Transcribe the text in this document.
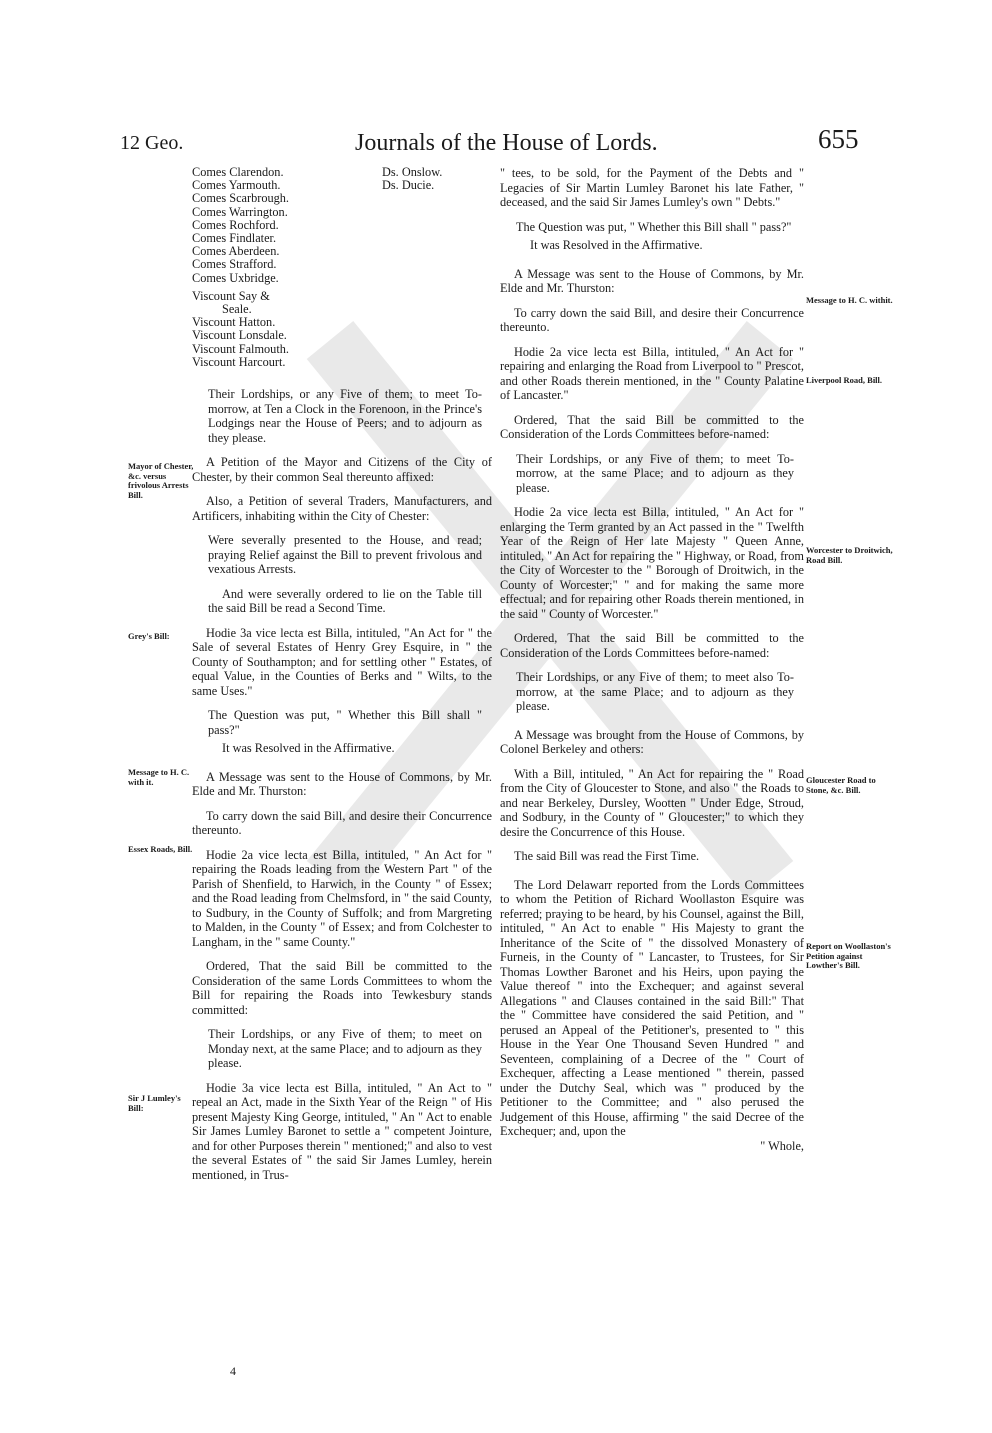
12 Geo.	Journals of the House of Lords.	655
Comes Clarendon.
Comes Yarmouth.
Comes Scarbrough.
Comes Warrington.
Comes Rochford.
Comes Findlater.
Comes Aberdeen.
Comes Strafford.
Comes Uxbridge.
Viscount Say &
Seale.
Viscount Hatton.
Viscount Lonsdale.
Viscount Falmouth.
Viscount Harcourt.
Ds. Onslow.
Ds. Ducie.

Their Lordships, or any Five of them; to meet To-morrow, at Ten a Clock in the Forenoon, in the Prince's Lodgings near the House of Peers; and to adjourn as they please.

A Petition of the Mayor and Citizens of the City of Chester, by their common Seal thereunto affixed:

Also, a Petition of several Traders, Manufacturers, and Artificers, inhabiting within the City of Chester:

Were severally presented to the House, and read; praying Relief against the Bill to prevent frivolous and vexatious Arrests.

And were severally ordered to lie on the Table till the said Bill be read a Second Time.

Hodie 3a vice lecta est Billa, intituled, "An Act for " the Sale of several Estates of Henry Grey Esquire, in " the County of Southampton; and for settling other " Estates, of equal Value, in the Counties of Berks and " Wilts, to the same Uses."

The Question was put, " Whether this Bill shall " pass?"

It was Resolved in the Affirmative.

A Message was sent to the House of Commons, by Mr. Elde and Mr. Thurston:

To carry down the said Bill, and desire their Concurrence thereunto.

Hodie 2a vice lecta est Billa, intituled, " An Act for " repairing the Roads leading from the Western Part " of the Parish of Shenfield, to Harwich, in the County " of Essex; and the Road leading from Chelmsford, in " the said County, to Sudbury, in the County of Suffolk; and from Margreting to Malden, in the County " of Essex; and from Colchester to Langham, in the " same County."

Ordered, That the said Bill be committed to the Consideration of the same Lords Committees to whom the Bill for repairing the Roads into Tewkesbury stands committed:

Their Lordships, or any Five of them; to meet on Monday next, at the same Place; and to adjourn as they please.

Hodie 3a vice lecta est Billa, intituled, " An Act to " repeal an Act, made in the Sixth Year of the Reign " of His present Majesty King George, intituled, " An " Act to enable Sir James Lumley Baronet to settle a " competent Jointure, and for other Purposes therein " mentioned;" and also to vest the several Estates of " the said Sir James Lumley, herein mentioned, in Trus-

" tees, to be sold, for the Payment of the Debts and " Legacies of Sir Martin Lumley Baronet his late Father, " deceased, and the said Sir James Lumley's own " Debts."

The Question was put, " Whether this Bill shall " pass?"

It was Resolved in the Affirmative.

A Message was sent to the House of Commons, by Mr. Elde and Mr. Thurston:

To carry down the said Bill, and desire their Concurrence thereunto.

Hodie 2a vice lecta est Billa, intituled, " An Act for " repairing and enlarging the Road from Liverpool to " Prescot, and other Roads therein mentioned, in the " County Palatine of Lancaster."

Ordered, That the said Bill be committed to the Consideration of the Lords Committees before-named:

Their Lordships, or any Five of them; to meet To-morrow, at the same Place; and to adjourn as they please.

Hodie 2a vice lecta est Billa, intituled, " An Act for " enlarging the Term granted by an Act passed in the " Twelfth Year of the Reign of Her late Majesty " Queen Anne, intituled, " An Act for repairing the " Highway, or Road, from the City of Worcester to the " Borough of Droitwich, in the County of Worcester;" " and for making the same more effectual; and for repairing other Roads therein mentioned, in the said " County of Worcester."

Ordered, That the said Bill be committed to the Consideration of the Lords Committees before-named:

Their Lordships, or any Five of them; to meet also To-morrow, at the same Place; and to adjourn as they please.

A Message was brought from the House of Commons, by Colonel Berkeley and others:

With a Bill, intituled, " An Act for repairing the " Road from the City of Gloucester to Stone, and also " the Roads to and near Berkeley, Dursley, Wootten " Under Edge, Stroud, and Sodbury, in the County of " Gloucester;" to which they desire the Concurrence of this House.

The said Bill was read the First Time.

The Lord Delawarr reported from the Lords Committees to whom the Petition of Richard Woollaston Esquire was referred; praying to be heard, by his Counsel, against the Bill, intituled, " An Act to enable " His Majesty to grant the Inheritance of the Scite of " the dissolved Monastery of Furneis, in the County of " Lancaster, to Trustees, for Sir Thomas Lowther Baronet and his Heirs, upon paying the Value thereof " into the Exchequer; and against several Allegations " and Clauses contained in the said Bill:" That the " Committee have considered the said Petition, and " perused an Appeal of the Petitioner's, presented to " this House in the Year One Thousand Seven Hundred " and Seventeen, complaining of a Decree of the " Court of Exchequer, affecting a Lease mentioned " therein, passed under the Dutchy Seal, which was " produced by the Petitioner to the Committee; and " also perused the Judgement of this House, affirming " the said Decree of the Exchequer; and, upon the

" Whole,

Mayor of Chester, &c. versus frivolous Arrests Bill.
Grey's Bill:
Message to H. C. with it.
Essex Roads, Bill.
Sir J Lumley's Bill:
Message to H. C. withit.
Liverpool Road, Bill.
Worcester to Droitwich, Road Bill.
Gloucester Road to Stone, &c. Bill.
Report on Woollaston's Petition against Lowther's Bill.
4
